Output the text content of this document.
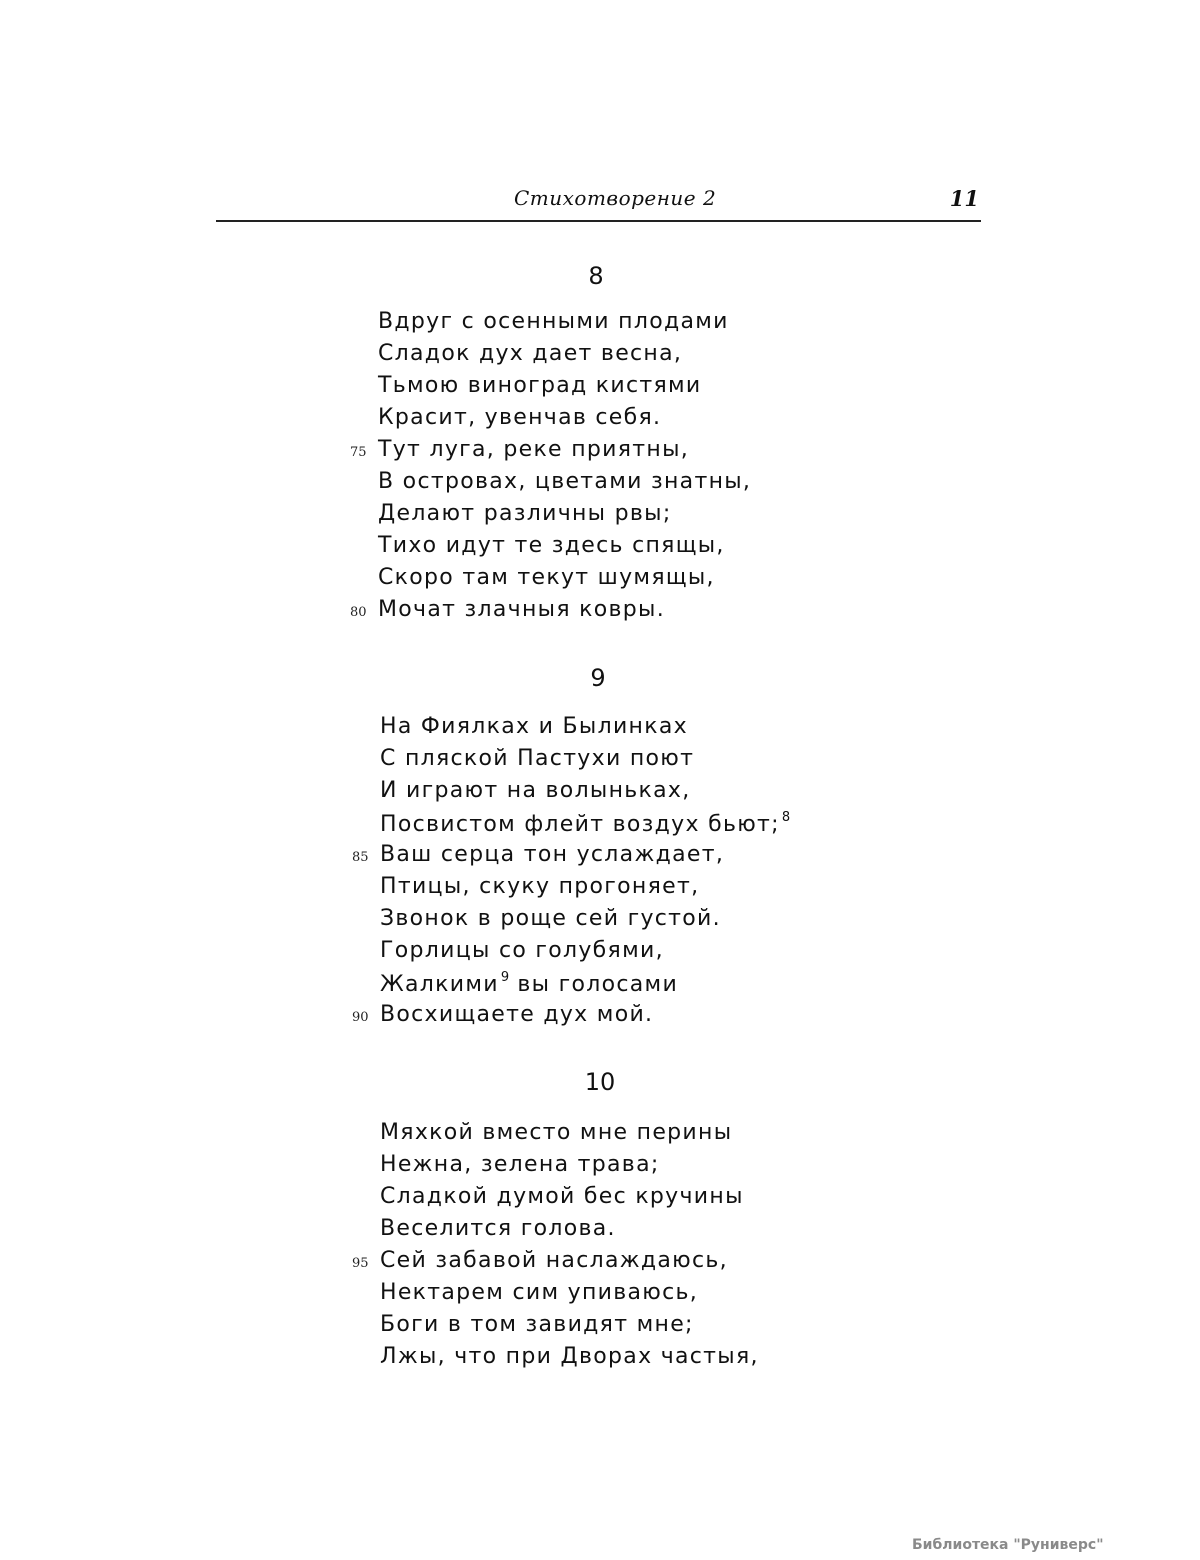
Стихотворение 2	11
8
Вдруг с осенными плодами
Сладок дух дает весна,
Тьмою виноград кистями
Красит, увенчав себя.
75 Тут луга, реке приятны,
В островах, цветами знатны,
Делают различны рвы;
Тихо идут те здесь спящы,
Скоро там текут шумящы,
80 Мочат злачныя ковры.
9
На Фиялках и Былинках
С пляской Пастухи поют
И играют на волыньках,
Посвистом флейт воздух бьют; $^8$
85 Ваш серца тон услаждает,
Птицы, скуку прогоняет,
Звонок в роще сей густой.
Горлицы со голубями,
Жалкими $^9$ вы голосами
90 Восхищаете дух мой.
10
Мяхкой вместо мне перины
Нежна, зелена трава;
Сладкой думой бес кручины
Веселится голова.
95 Сей забавой наслаждаюсь,
Нектарем сим упиваюсь,
Боги в том завидят мне;
Лжы, что при Дворах частыя,
Библиотека "Руниверс"
